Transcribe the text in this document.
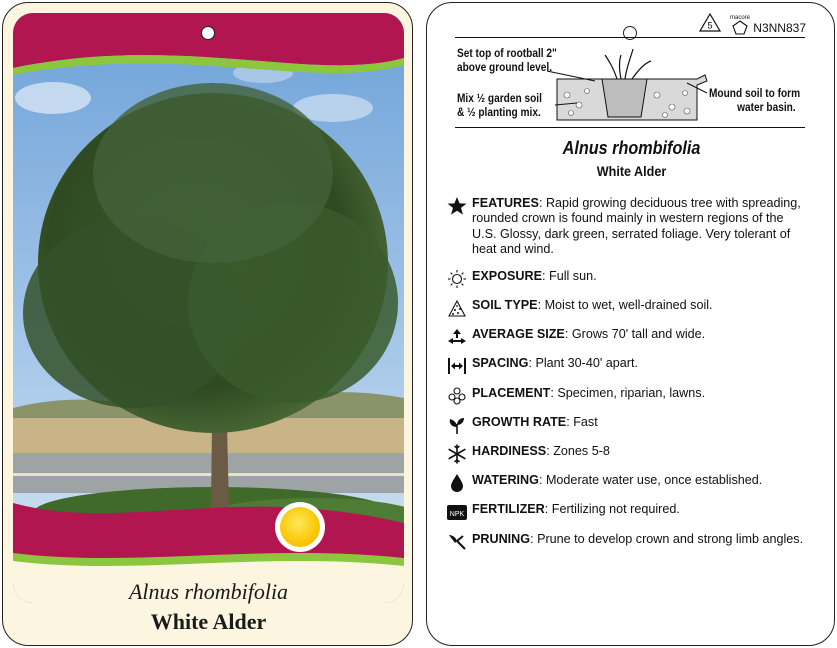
Alnus rhombifolia
White Alder
5
macore
N3NN837
Set top of rootball 2"
above ground level.
Mix ½ garden soil
& ½ planting mix.
Mound soil to form
water basin.
Alnus rhombifolia
White Alder
FEATURES: Rapid growing deciduous tree with spreading, rounded crown is found mainly in western regions of the U.S. Glossy, dark green, serrated foliage. Very tolerant of heat and wind.
EXPOSURE: Full sun.
SOIL TYPE: Moist to wet, well-drained soil.
AVERAGE SIZE: Grows 70' tall and wide.
SPACING: Plant 30-40' apart.
PLACEMENT: Specimen, riparian, lawns.
GROWTH RATE: Fast
HARDINESS: Zones 5-8
WATERING: Moderate water use, once established.
NPK FERTILIZER: Fertilizing not required.
PRUNING: Prune to develop crown and strong limb angles.
